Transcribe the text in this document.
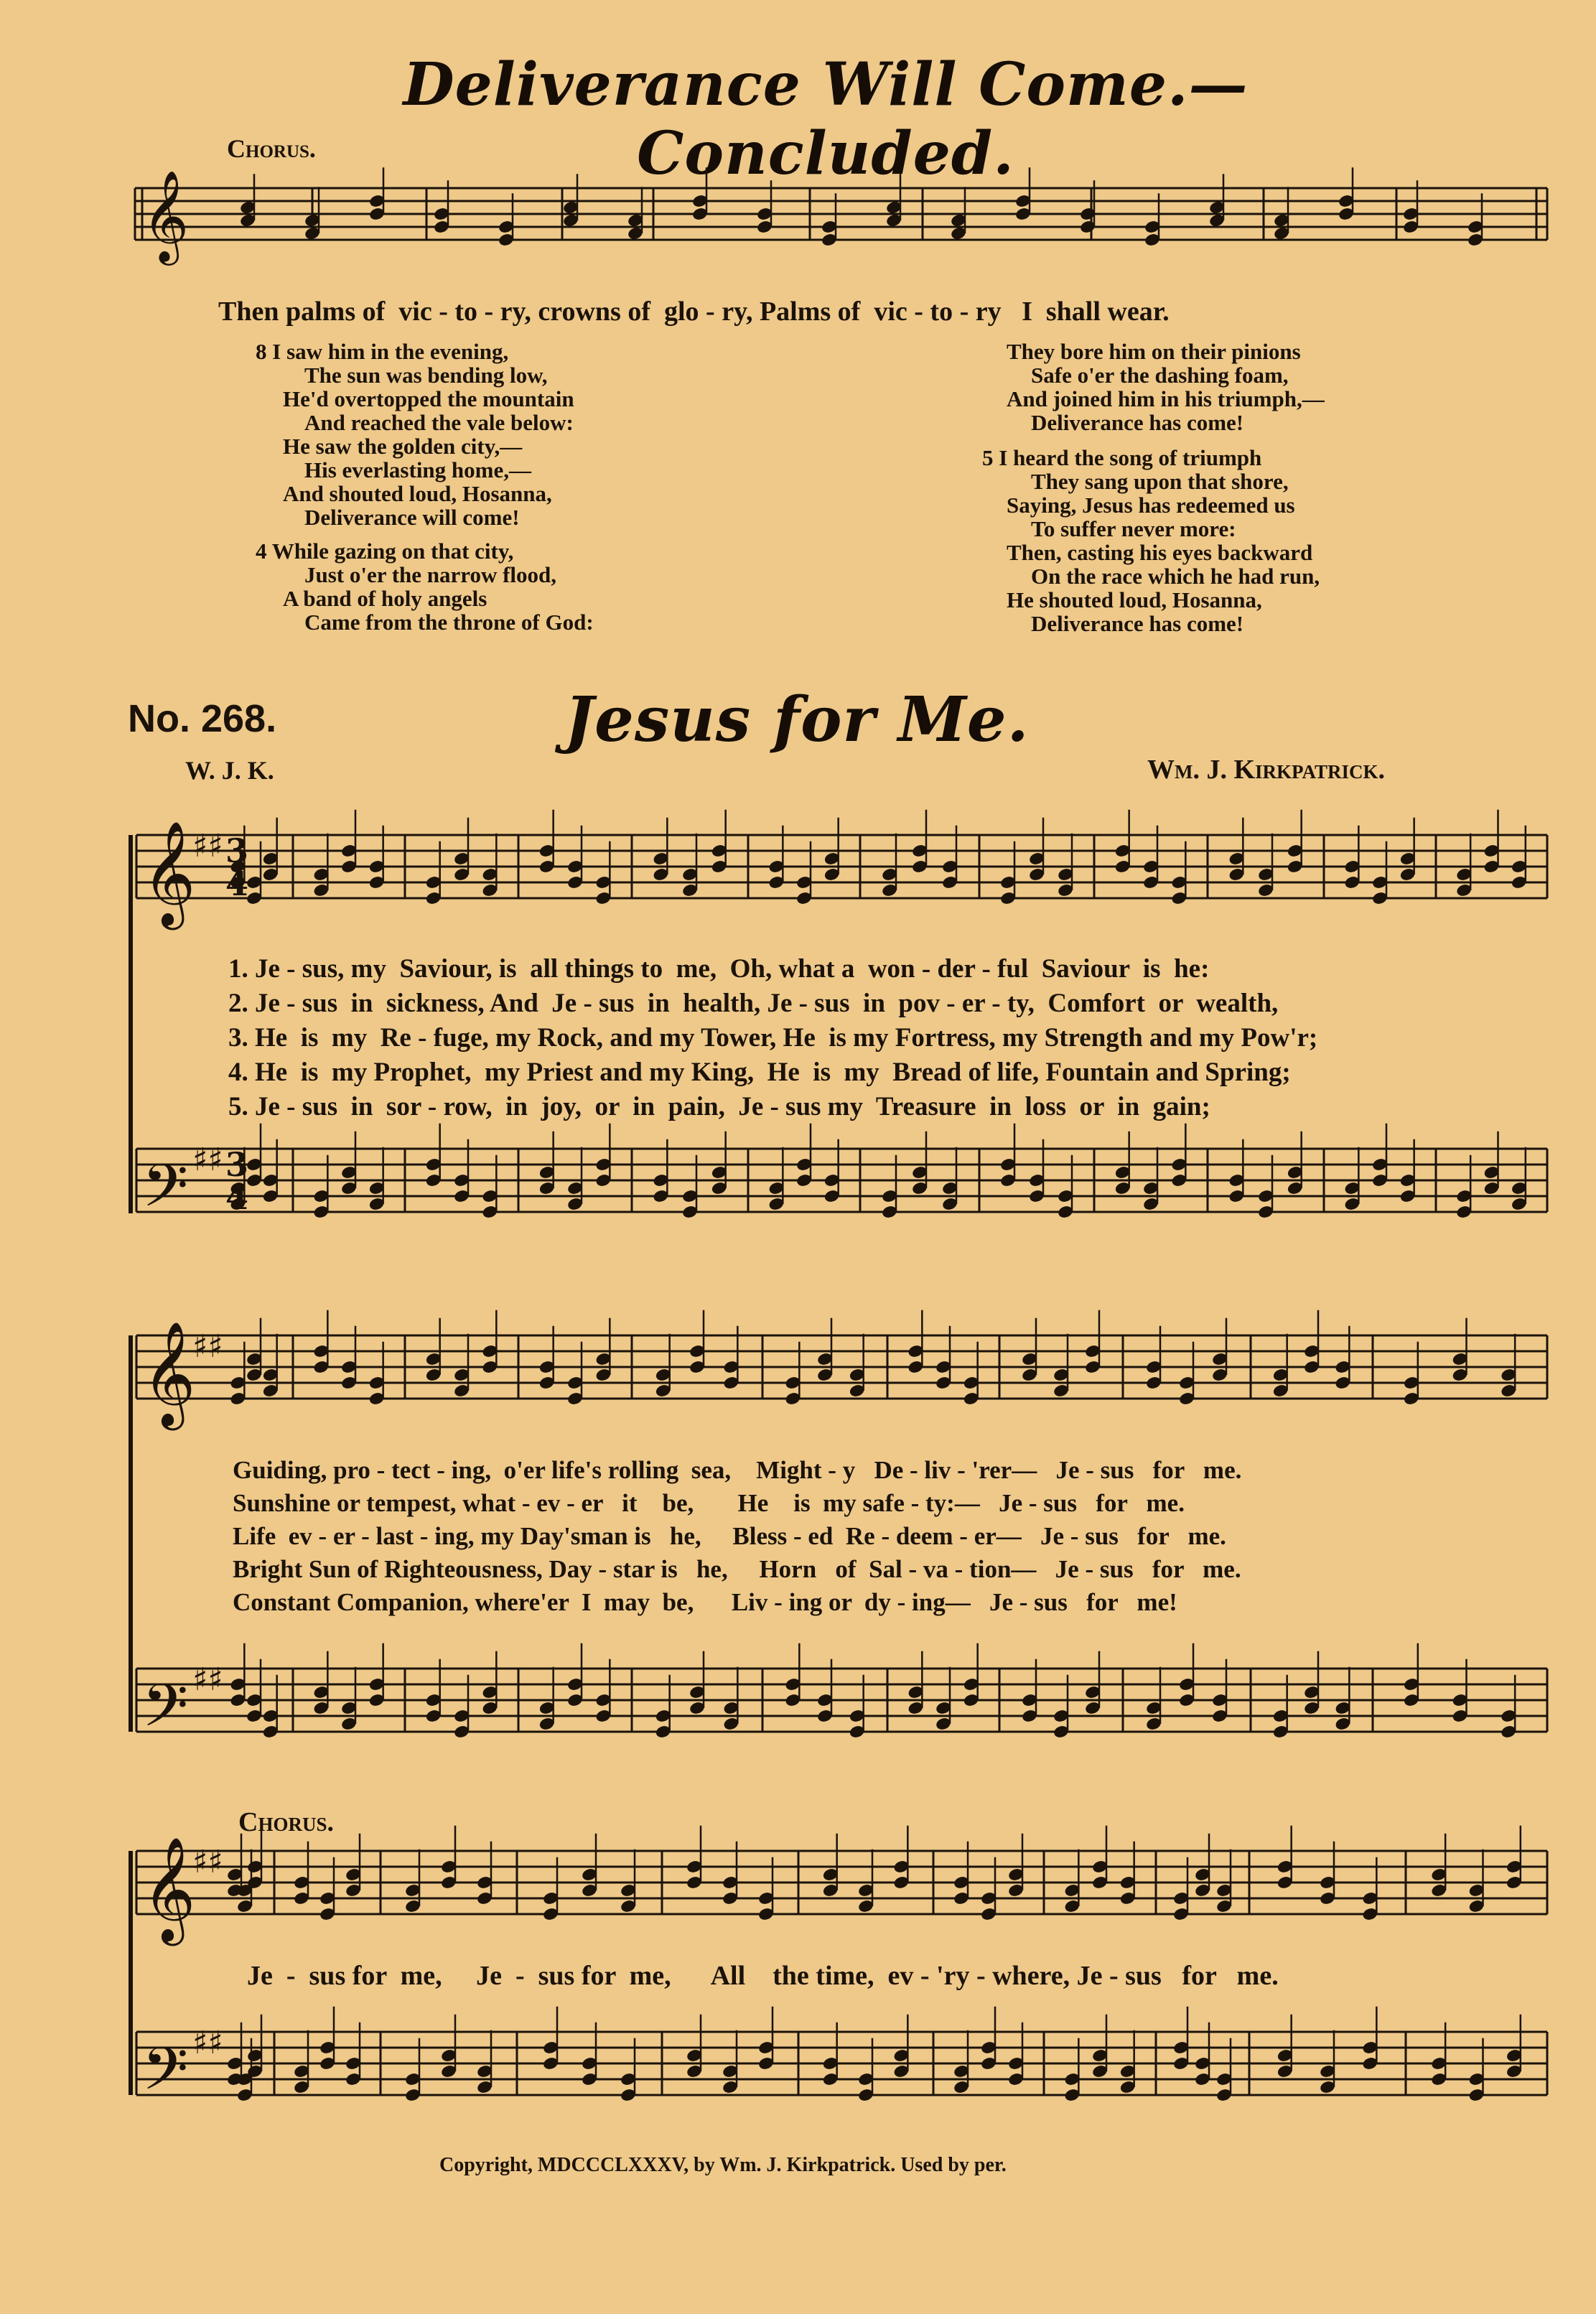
Deliverance Will Come.—Concluded.
Chorus.
𝄞
Then palms of  vic - to - ry, crowns of  glo - ry, Palms of  vic - to - ry   I  shall wear.
8 I saw him in the evening,
The sun was bending low,
He'd overtopped the mountain
And reached the vale below:
He saw the golden city,—
His everlasting home,—
And shouted loud, Hosanna,
Deliverance will come!
4 While gazing on that city,
Just o'er the narrow flood,
A band of holy angels
Came from the throne of God:
They bore him on their pinions
Safe o'er the dashing foam,
And joined him in his triumph,—
Deliverance has come!
5 I heard the song of triumph
They sang upon that shore,
Saying, Jesus has redeemed us
To suffer never more:
Then, casting his eyes backward
On the race which he had run,
He shouted loud, Hosanna,
Deliverance has come!
No. 268.	Jesus for Me.
W. J. K.	Wm. J. Kirkpatrick.
𝄞
♯♯
𝄢 ♯♯
𝄞
♯♯
𝄢 ♯♯
𝄞
♯♯
𝄢 ♯♯
3
4
3
4
1. Je - sus, my  Saviour, is  all things to  me,  Oh, what a  won - der - ful  Saviour  is  he:
2. Je - sus  in  sickness, And  Je - sus  in  health, Je - sus  in  pov - er - ty,  Comfort  or  wealth,
3. He  is  my  Re - fuge, my Rock, and my Tower, He  is my Fortress, my Strength and my Pow'r;
4. He  is  my Prophet,  my Priest and my King,  He  is  my  Bread of life, Fountain and Spring;
5. Je - sus  in  sor - row,  in  joy,  or  in  pain,  Je - sus my  Treasure  in  loss  or  in  gain;
Guiding, pro - tect - ing,  o'er life's rolling  sea,    Might - y   De - liv - 'rer—   Je - sus   for   me.
Sunshine or tempest, what - ev - er   it    be,       He    is  my safe - ty:—   Je - sus   for   me.
Life  ev - er - last - ing, my Day'sman is   he,     Bless - ed  Re - deem - er—   Je - sus   for   me.
Bright Sun of Righteousness, Day - star is   he,     Horn   of  Sal - va - tion—   Je - sus   for   me.
Constant Companion, where'er  I  may  be,      Liv - ing or  dy - ing—   Je - sus   for   me!
Chorus.
Je  -  sus for  me,     Je  -  sus for  me,      All    the time,  ev - 'ry - where, Je - sus   for   me.
Copyright, MDCCCLXXXV, by Wm. J. Kirkpatrick. Used by per.
